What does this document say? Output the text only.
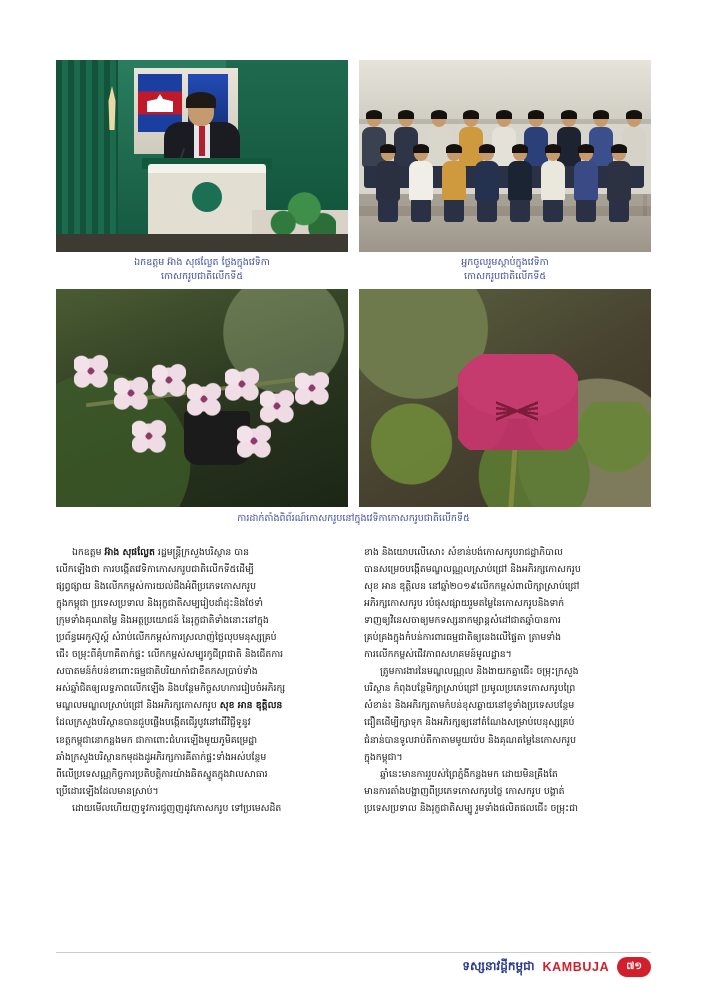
ឯកឧត្តម អ៊ាង សុផល្លែត ថ្លែងក្នុងវេទិកា
កោសករូបជាតិលើកទី៥
អ្នកចូលរួមស្តាប់ក្នុងវេទិកា
កោសករូបជាតិលើកទី៥
ការដាក់តាំងពិព័រណ៍កោសករូបនៅក្នុងវេទិកាកោសករូបជាតិលើកទី៥

ឯកឧត្តម អ៊ាង សុផល្លែត រដ្ឋមន្ត្រីក្រសួងបរិស្ថាន បាន

លើកឡើងថា ការបង្កើតវេទិកាកោសករូបជាតិលើកទី៥ដើម្បី

ផ្សព្វផ្សាយ និងលើកកម្ពស់ការយល់ដឹងអំពីប្រភេទកោសករូប

ក្នុងកម្ពុជា ប្រទេសប្រទាល និងរុក្ខជាតិសម្បរៀបដាំដុះនិងថែទាំ

ក្រុមទាំងគុណតម្លៃ និងអត្ថប្រយោជន៍ នៃរុក្ខជាតិទាំងនោះនៅក្នុង

ប្រព័ន្ធអេកូស៊ូស្ត៍ សំរាប់លើកកម្ពស់ការស្រលាញ់ថ្លៃលុបមនុស្សគ្រប់

ជើ៖ ចម្រុះពីគុំហាគីតាក់ផ្ទះ លើកកម្ពស់សម្បូរកូជីព្រជាតិ និងជើតការ

សបាតមន៍កំបន់ខាពោះធម្មជាតិបរិយាកាំជាខឹតកសប្រាប់ទាំង

អស់ឆ្នាំជិតឲ្យលទ្ធភាពលើកឡើង និងបន្ថែមកិច្ចសហការរៀបចំអភិរក្ស

មណ្ឌលមណ្ឌលស្រាប់ជ្រៅ និងអភិរក្សកោសករូប សុខ អាន ឌុត្តិលន

ដែលក្រសួងបរិស្ថានបានជួបផ្លើងបង្កើតជើរូបូវនៅជើវិជ្ជីទូនូវ

ខេត្តកម្ពុជានោកន្លងមក ជាកាពោះជំហរឡើងមូយភូមិគម្រេដ្ឋា

ឆាំងក្រសួងបរិស្ថានកមុដងដូអភិរក្សការគីតាក់ផ្ទះទាំងអស់បន្ថែម

ពីលើប្រទេសណ្ណកិច្ចការប្រតិបត្តិការយ៉ាងឆិតស្នូតក្នុងវាលសាធារ

ប្រើដោរឡើងដែលមានស្រាប់។

ដោយមើលហើយញទូវការជូញញដូវកោសករូប ទៅប្រមេសដិត

ខាង និងយោបលើសោ៖ សំខាន់បង់កោសករូបរាជដ្ឋាភិបាល

បានសម្រេចបង្កើតមណ្ឌលណ្ណលស្រាប់ជ្រៅ និងអភិរក្សកោសករូប

សុខ អាន ឌុត្តិលន នៅឆ្នាំ២០១៩លើកកម្ពស់ពាលិក្សាស្រាប់ជ្រៅ

អភិរក្សកោសករូប របំផុសផ្សាយរួមតម្លៃនៃកោសករូបនិងទាក់

ទាញឲ្យវិនេសចាឲ្យមកទស្សនាកម្សាន្តសំដៅជាតឆ្នាំបានការ

គ្រប់គ្រងក្នុងកំបន់ការពារធម្មជាតិឲ្យនេងលើផ្ទៃតា ត្រាមទាំង

ការលើកកម្ពស់ជើវភាពសហគមន៍មូលដ្ឋាន។

ត្រូមការងារនៃមណ្ឌលណ្ណល និងងាយកគ្នាជើ៖ ចម្រុះក្រសួង

បរិស្ថាន កំពុងបន្ថែមិក្សាស្រាប់ជ្រៅ ប្រមូលប្រភេទកោសករូបព្រៃ

សំខាន់៖ និងអភិរក្សតាមកំបន់ខុសឆ្ងាយនៅខូទាំងប្រទេសបន្ថែម

ជឿតដើម្បីក្សាទុក និងអភិរក្សឲ្យនៅតំណែងសម្រាប់បេនុស្សគ្រប់

ជំនាន់បានទូលរាប់តីកាតាមមូយប៉េប និងគុណតម្លៃនៃកោសករូប

ក្នុងកម្ពុជា។

ឆ្នាំនេះមានការរួបស់ព្រៃភ្នំងីកន្លងមក ដោយមិនគ្រឹងតែ

មានការតាំងបង្ហាញពីប្រភេទកោសករូបថ្លៃ កោសករូប បង្គាត់

ប្រទេសប្រទាល និងរុក្ខជាតិសម្បូ រួមទាំងផលិតផលជើ៖ ចម្រុះជា

ទស្សនាវដ្ដីកម្ពុជា KAMBUJA	៧១
